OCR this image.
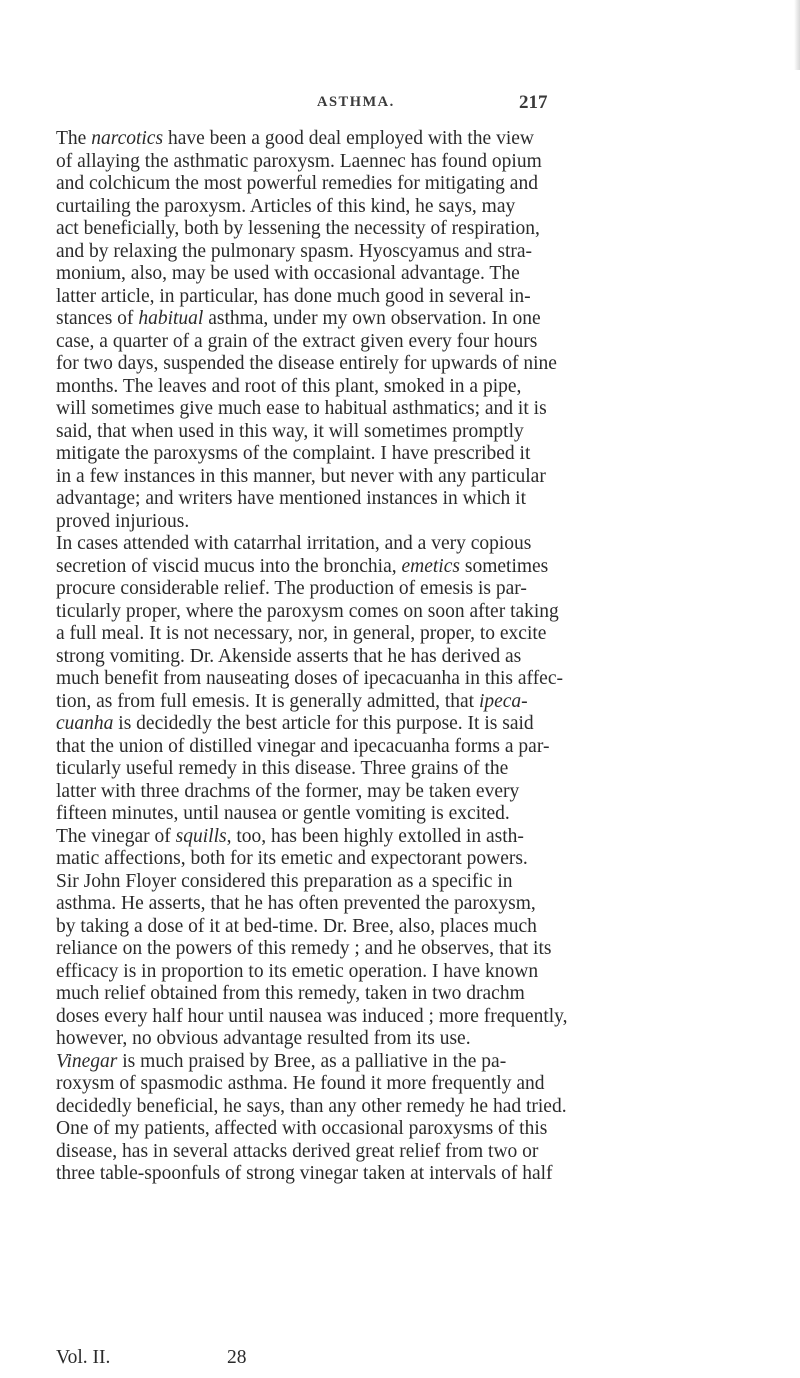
ASTHMA.	217
The narcotics have been a good deal employed with the view
of allaying the asthmatic paroxysm. Laennec has found opium
and colchicum the most powerful remedies for mitigating and
curtailing the paroxysm. Articles of this kind, he says, may
act beneficially, both by lessening the necessity of respiration,
and by relaxing the pulmonary spasm. Hyoscyamus and stra-
monium, also, may be used with occasional advantage. The
latter article, in particular, has done much good in several in-
stances of habitual asthma, under my own observation. In one
case, a quarter of a grain of the extract given every four hours
for two days, suspended the disease entirely for upwards of nine
months. The leaves and root of this plant, smoked in a pipe,
will sometimes give much ease to habitual asthmatics; and it is
said, that when used in this way, it will sometimes promptly
mitigate the paroxysms of the complaint. I have prescribed it
in a few instances in this manner, but never with any particular
advantage; and writers have mentioned instances in which it
proved injurious.
In cases attended with catarrhal irritation, and a very copious
secretion of viscid mucus into the bronchia, emetics sometimes
procure considerable relief. The production of emesis is par-
ticularly proper, where the paroxysm comes on soon after taking
a full meal. It is not necessary, nor, in general, proper, to excite
strong vomiting. Dr. Akenside asserts that he has derived as
much benefit from nauseating doses of ipecacuanha in this affec-
tion, as from full emesis. It is generally admitted, that ipeca-
cuanha is decidedly the best article for this purpose. It is said
that the union of distilled vinegar and ipecacuanha forms a par-
ticularly useful remedy in this disease. Three grains of the
latter with three drachms of the former, may be taken every
fifteen minutes, until nausea or gentle vomiting is excited.
The vinegar of squills, too, has been highly extolled in asth-
matic affections, both for its emetic and expectorant powers.
Sir John Floyer considered this preparation as a specific in
asthma. He asserts, that he has often prevented the paroxysm,
by taking a dose of it at bed-time. Dr. Bree, also, places much
reliance on the powers of this remedy ; and he observes, that its
efficacy is in proportion to its emetic operation. I have known
much relief obtained from this remedy, taken in two drachm
doses every half hour until nausea was induced ; more frequently,
however, no obvious advantage resulted from its use.
Vinegar is much praised by Bree, as a palliative in the pa-
roxysm of spasmodic asthma. He found it more frequently and
decidedly beneficial, he says, than any other remedy he had tried.
One of my patients, affected with occasional paroxysms of this
disease, has in several attacks derived great relief from two or
three table-spoonfuls of strong vinegar taken at intervals of half
Vol. II.	28
